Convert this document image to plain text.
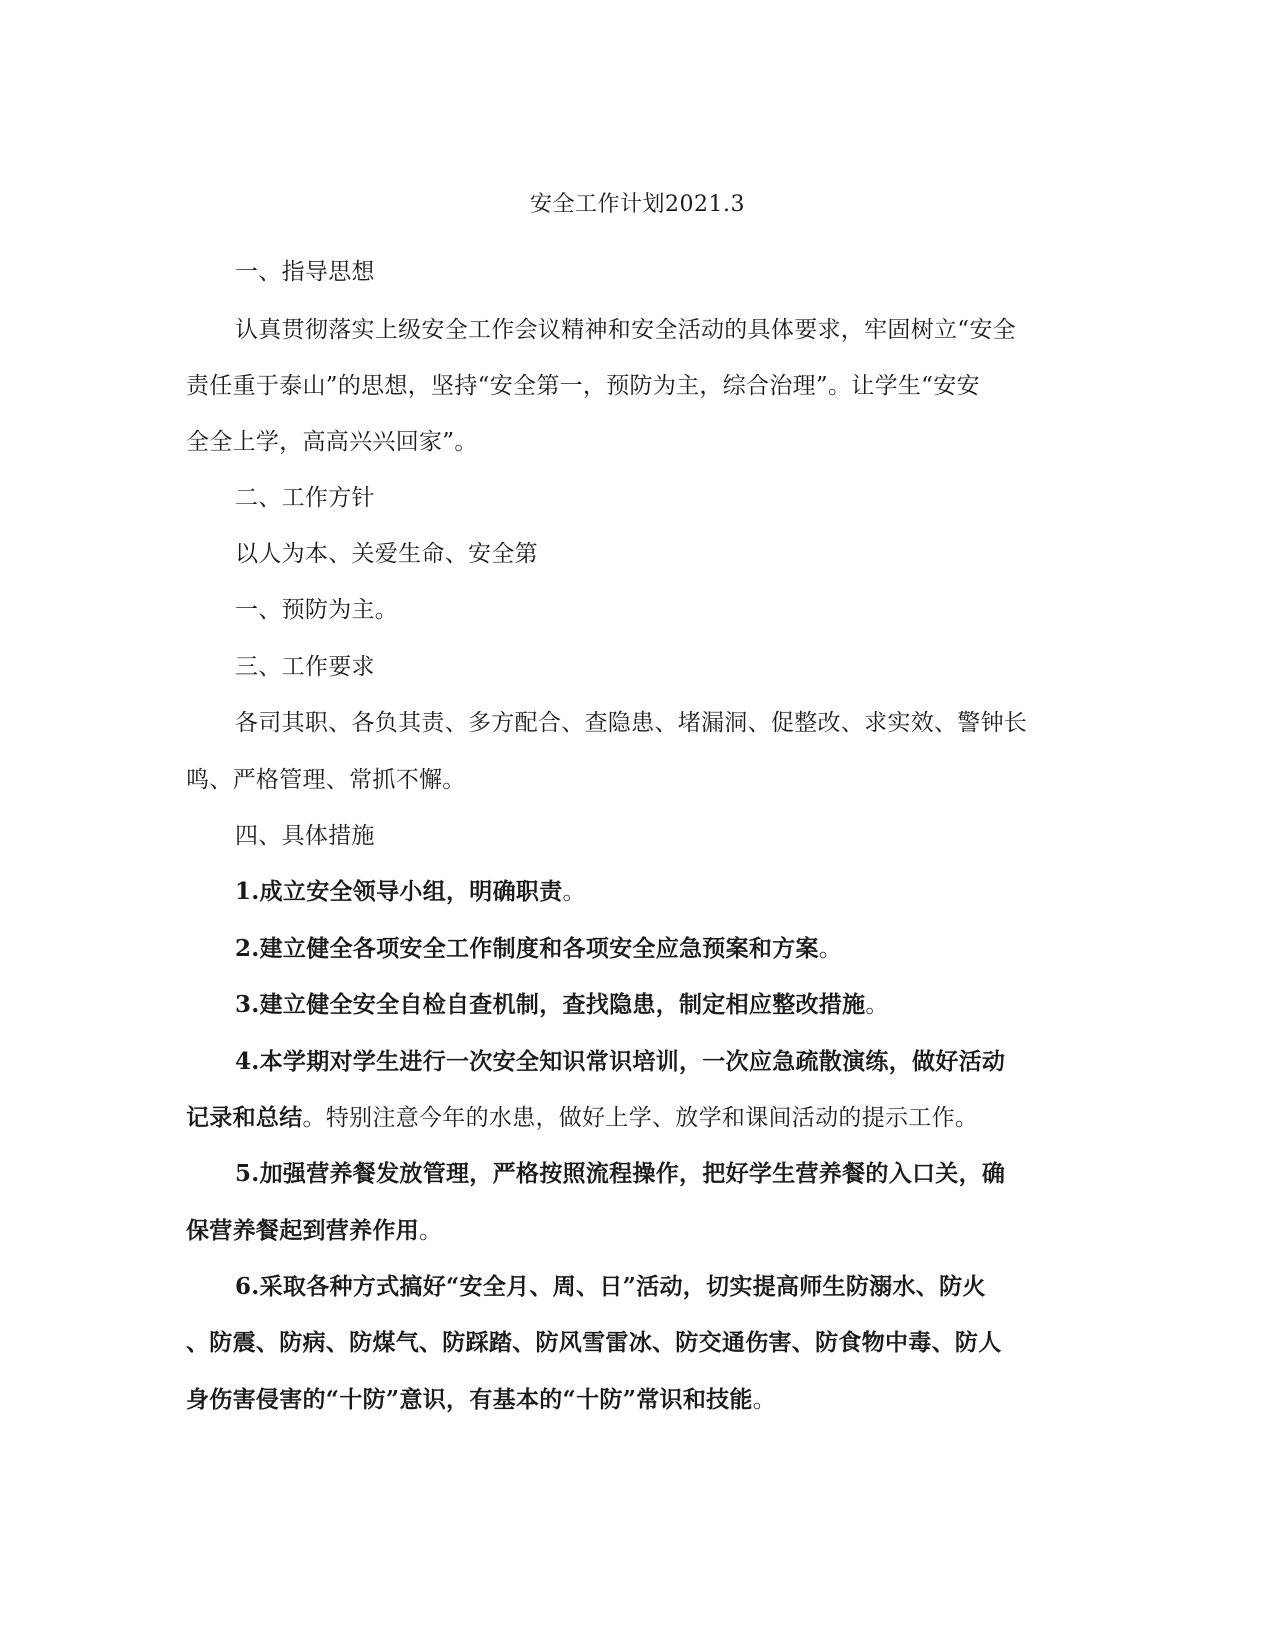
安全工作计划2021.3
一、指导思想
认真贯彻落实上级安全工作会议精神和安全活动的具体要求，牢固树立“安全
责任重于泰山”的思想，坚持“安全第一，预防为主，综合治理”。让学生“安安
全全上学，高高兴兴回家”。
二、工作方针
以人为本、关爱生命、安全第
一、预防为主。
三、工作要求
各司其职、各负其责、多方配合、查隐患、堵漏洞、促整改、求实效、警钟长
鸣、严格管理、常抓不懈。
四、具体措施
1.成立安全领导小组，明确职责。
2.建立健全各项安全工作制度和各项安全应急预案和方案。
3.建立健全安全自检自查机制，查找隐患，制定相应整改措施。
4.本学期对学生进行一次安全知识常识培训，一次应急疏散演练，做好活动
记录和总结。特别注意今年的水患，做好上学、放学和课间活动的提示工作。
5.加强营养餐发放管理，严格按照流程操作，把好学生营养餐的入口关，确
保营养餐起到营养作用。
6.采取各种方式搞好“安全月、周、日”活动，切实提高师生防溺水、防火
、防震、防病、防煤气、防踩踏、防风雪雷冰、防交通伤害、防食物中毒、防人
身伤害侵害的“十防”意识，有基本的“十防”常识和技能。
